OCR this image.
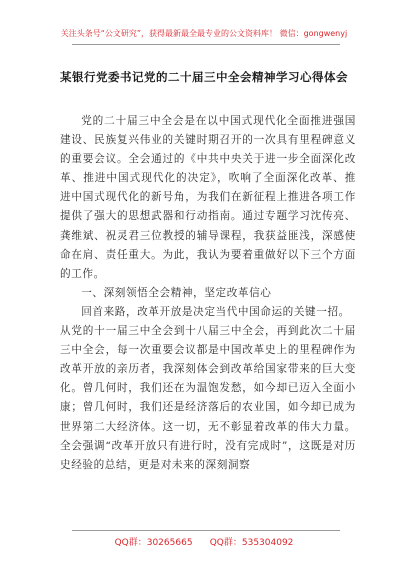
关注头条号“公文研究”，获得最新最全最专业的公文资料库！ 微信：gongwenyj
某银行党委书记党的二十届三中全会精神学习心得体会

党的二十届三中全会是在以中国式现代化全面推进强国建设、民族复兴伟业的关键时期召开的一次具有里程碑意义的重要会议。全会通过的《中共中央关于进一步全面深化改革、推进中国式现代化的决定》，吹响了全面深化改革、推进中国式现代化的新号角，为我们在新征程上推进各项工作提供了强大的思想武器和行动指南。通过专题学习沈传亮、龚维斌、祝灵君三位教授的辅导课程，我获益匪浅，深感使命在肩、责任重大。为此，我认为要着重做好以下三个方面的工作。

一、深刻领悟全会精神，坚定改革信心

回首来路，改革开放是决定当代中国命运的关键一招。

从党的十一届三中全会到十八届三中全会，再到此次二十届三中全会，每一次重要会议都是中国改革史上的里程碑作为改革开放的亲历者，我深刻体会到改革给国家带来的巨大变化。曾几何时，我们还在为温饱发愁，如今却已迈入全面小康；曾几何时，我们还是经济落后的农业国，如今却已成为世界第二大经济体。这一切，无不彰显着改革的伟大力量。全会强调“改革开放只有进行时，没有完成时”，这既是对历史经验的总结，更是对未来的深刻洞察

QQ群：30265665      QQ群：535304092
